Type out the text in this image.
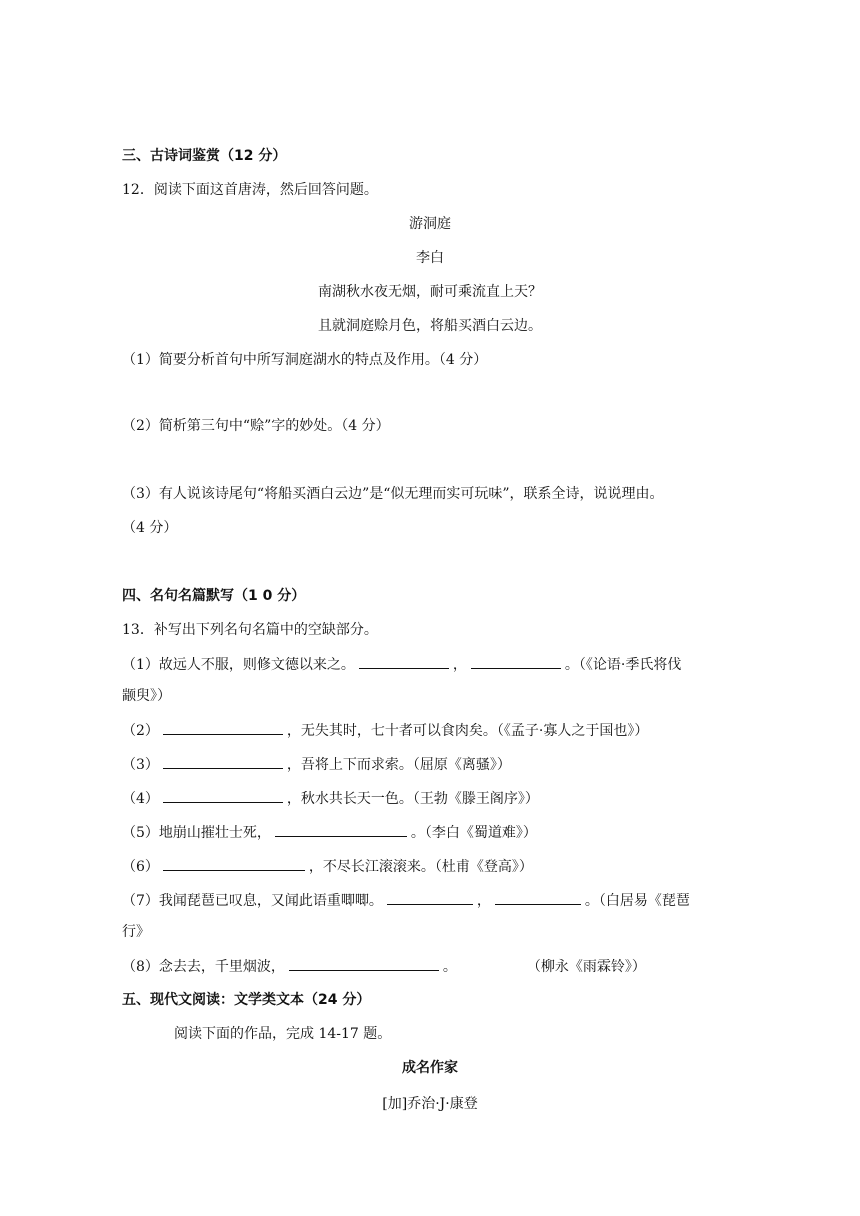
三、古诗词鉴赏（12 分）
12．阅读下面这首唐涛，然后回答问题。
游洞庭
李白
南湖秋水夜无烟，耐可乘流直上天？
且就洞庭赊月色，将船买酒白云边。
（1）简要分析首句中所写洞庭湖水的特点及作用。（4 分）
（2）简析第三句中“赊”字的妙处。（4 分）
（3）有人说该诗尾句“将船买酒白云边”是“似无理而实可玩味”，联系全诗，说说理由。
（4 分）
四、名句名篇默写（1 0 分）
13．补写出下列名句名篇中的空缺部分。
（1）故远人不服，则修文德以来之。	，	。（《论语·季氏将伐
颛臾》）
（2）	，无失其时，七十者可以食肉矣。（《孟子·寡人之于国也》）
（3）	，吾将上下而求索。（屈原《离骚》）
（4）	，秋水共长天一色。（王勃《滕王阁序》）
（5）地崩山摧壮士死，	。（李白《蜀道难》）
（6）	，不尽长江滚滚来。（杜甫《登高》）
（7）我闻琵琶已叹息，又闻此语重唧唧。	，	。（白居易《琵琶
行》
（8）念去去，千里烟波，	。	（柳永《雨霖铃》）
五、现代文阅读：文学类文本（24 分）
阅读下面的作品，完成 14-17 题。
成名作家
[加]乔治·J·康登
